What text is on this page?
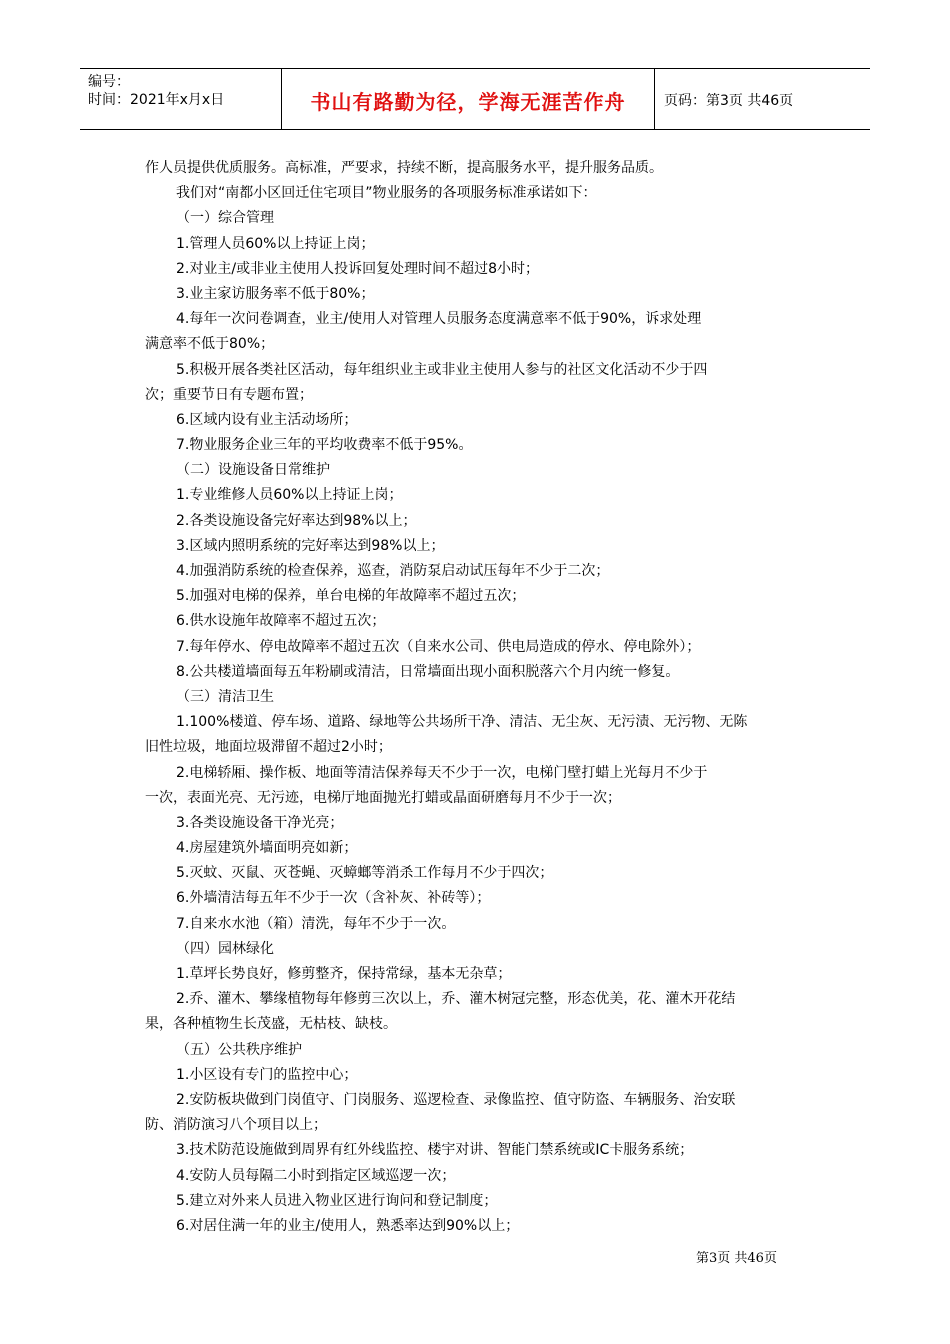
编号：
时间：2021年x月x日	书山有路勤为径，学海无涯苦作舟	页码：第3页 共46页
作人员提供优质服务。高标准，严要求，持续不断，提高服务水平，提升服务品质。
我们对“南都小区回迁住宅项目”物业服务的各项服务标准承诺如下：
（一）综合管理
1.管理人员60%以上持证上岗；
2.对业主/或非业主使用人投诉回复处理时间不超过8小时；
3.业主家访服务率不低于80%；
4.每年一次问卷调查，业主/使用人对管理人员服务态度满意率不低于90%，诉求处理
满意率不低于80%；
5.积极开展各类社区活动，每年组织业主或非业主使用人参与的社区文化活动不少于四
次；重要节日有专题布置；
6.区域内设有业主活动场所；
7.物业服务企业三年的平均收费率不低于95%。
（二）设施设备日常维护
1.专业维修人员60%以上持证上岗；
2.各类设施设备完好率达到98%以上；
3.区域内照明系统的完好率达到98%以上；
4.加强消防系统的检查保养，巡查，消防泵启动试压每年不少于二次；
5.加强对电梯的保养，单台电梯的年故障率不超过五次；
6.供水设施年故障率不超过五次；
7.每年停水、停电故障率不超过五次（自来水公司、供电局造成的停水、停电除外）；
8.公共楼道墙面每五年粉刷或清洁，日常墙面出现小面积脱落六个月内统一修复。
（三）清洁卫生
1.100%楼道、停车场、道路、绿地等公共场所干净、清洁、无尘灰、无污渍、无污物、无陈
旧性垃圾，地面垃圾滞留不超过2小时；
2.电梯轿厢、操作板、地面等清洁保养每天不少于一次，电梯门壁打蜡上光每月不少于
一次，表面光亮、无污迹，电梯厅地面抛光打蜡或晶面研磨每月不少于一次；
3.各类设施设备干净光亮；
4.房屋建筑外墙面明亮如新；
5.灭蚊、灭鼠、灭苍蝇、灭蟑螂等消杀工作每月不少于四次；
6.外墙清洁每五年不少于一次（含补灰、补砖等）；
7.自来水水池（箱）清洗，每年不少于一次。
（四）园林绿化
1.草坪长势良好，修剪整齐，保持常绿，基本无杂草；
2.乔、灌木、攀缘植物每年修剪三次以上，乔、灌木树冠完整，形态优美，花、灌木开花结
果，各种植物生长茂盛，无枯枝、缺枝。
（五）公共秩序维护
1.小区设有专门的监控中心；
2.安防板块做到门岗值守、门岗服务、巡逻检查、录像监控、值守防盗、车辆服务、治安联
防、消防演习八个项目以上；
3.技术防范设施做到周界有红外线监控、楼宇对讲、智能门禁系统或IC卡服务系统；
4.安防人员每隔二小时到指定区域巡逻一次；
5.建立对外来人员进入物业区进行询问和登记制度；
6.对居住满一年的业主/使用人，熟悉率达到90%以上；
第3页 共46页
